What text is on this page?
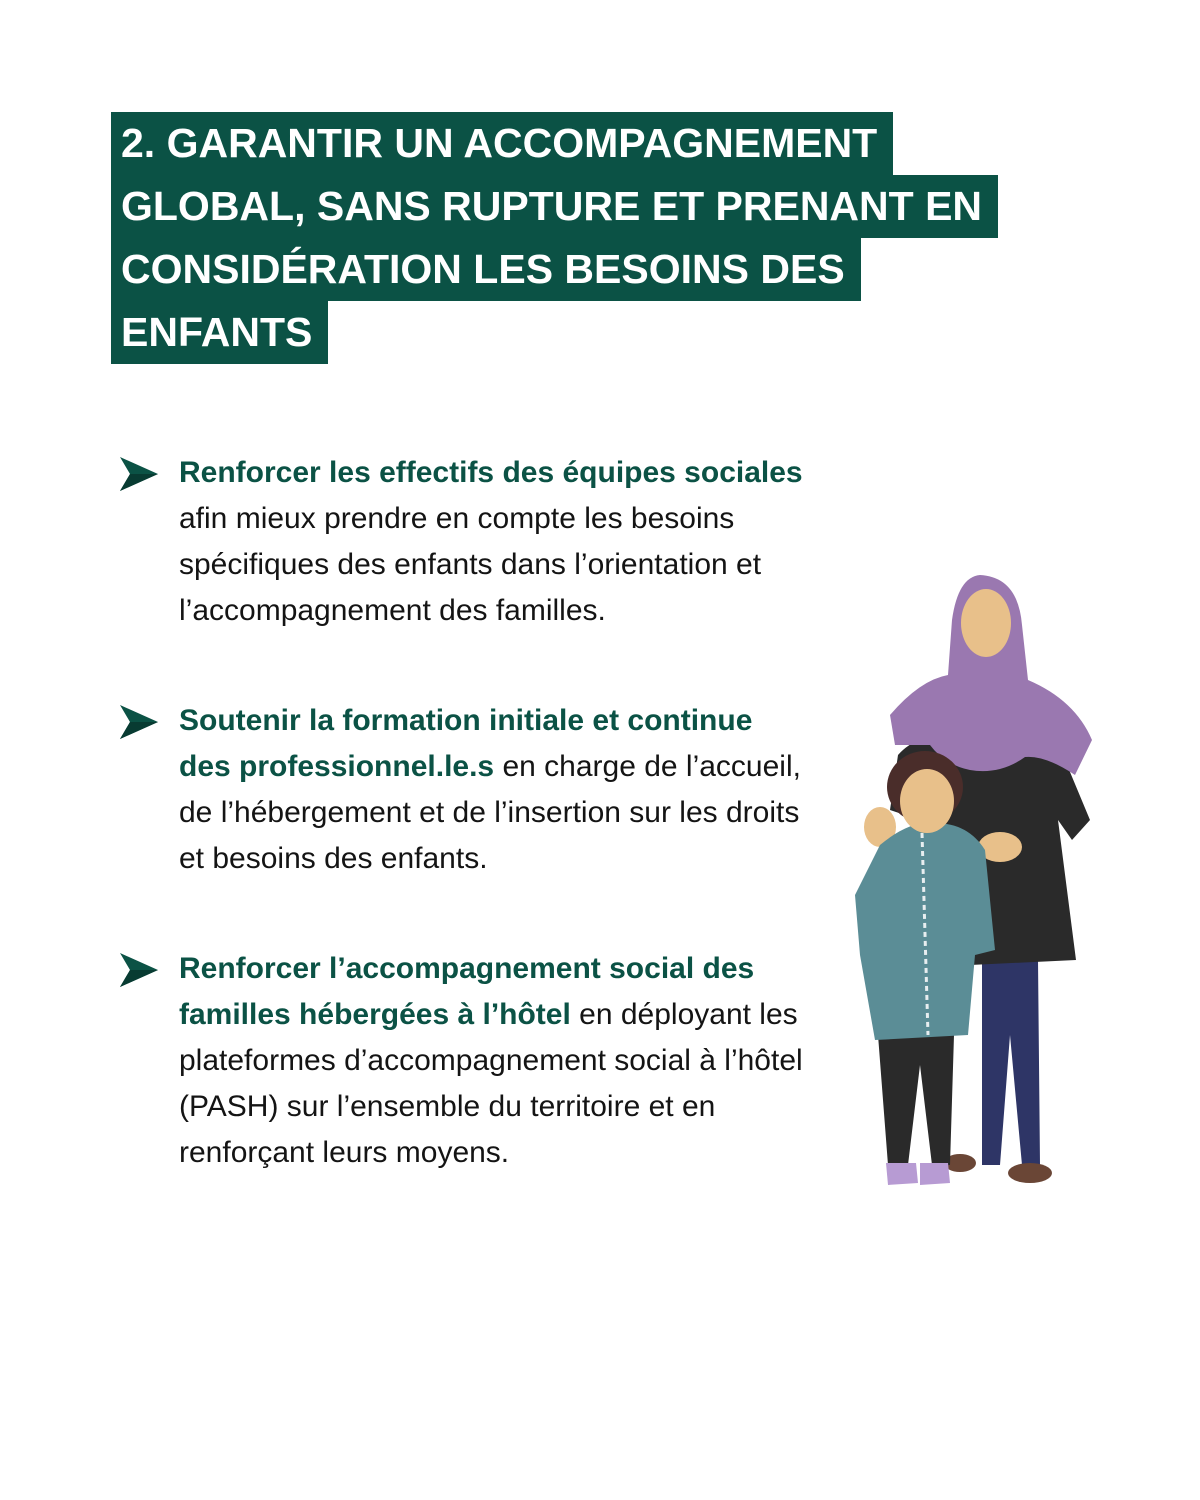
2. GARANTIR UN ACCOMPAGNEMENT
GLOBAL, SANS RUPTURE ET PRENANT EN
CONSIDÉRATION LES BESOINS DES
ENFANTS
Renforcer les effectifs des équipes sociales afin mieux prendre en compte les besoins spécifiques des enfants dans l’orientation et l’accompagnement des familles.
Soutenir la formation initiale et continue des professionnel.le.s en charge de l’accueil, de l’hébergement et de l’insertion sur les droits et besoins des enfants.
Renforcer l’accompagnement social des familles hébergées à l’hôtel en déployant les plateformes d’accompagnement social à l’hôtel (PASH) sur l’ensemble du territoire et en renforçant leurs moyens.
